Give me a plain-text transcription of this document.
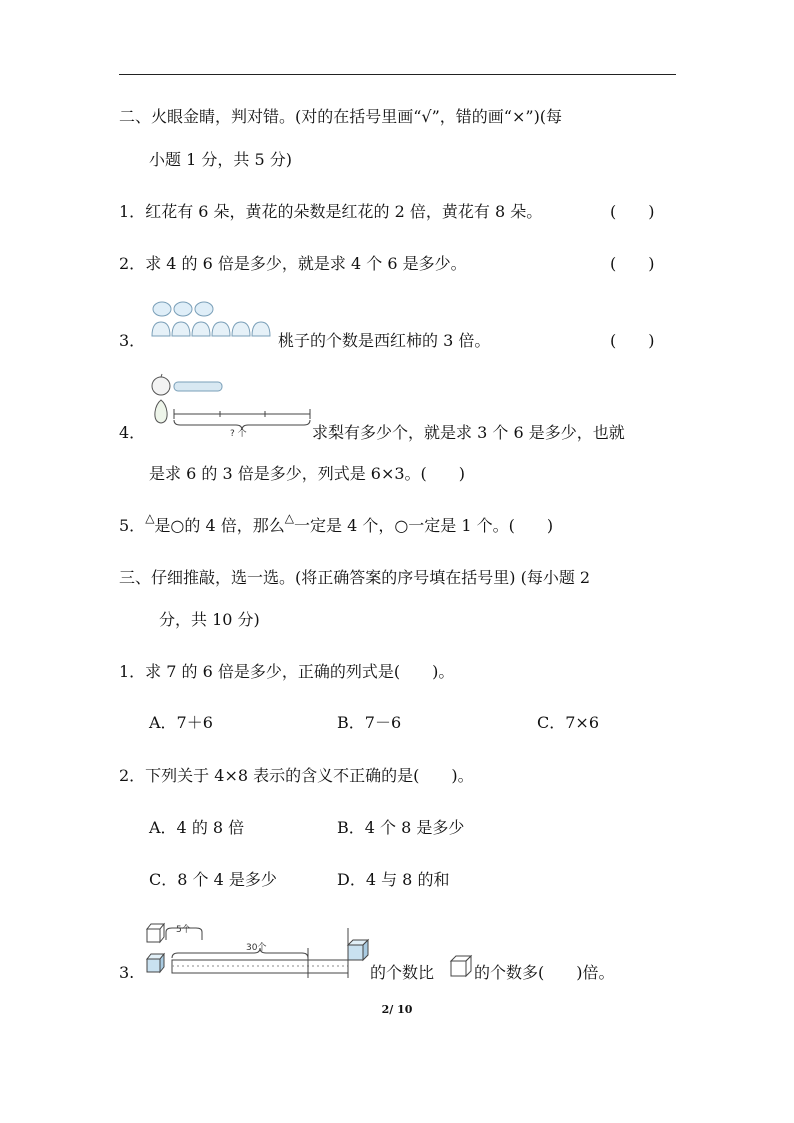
二、火眼金睛，判对错。(对的在括号里画“√”，错的画“×”)(每
小题 1 分，共 5 分)
1．红花有 6 朵，黄花的朵数是红花的 2 倍，黄花有 8 朵。	(　　)
2．求 4 的 6 倍是多少，就是求 4 个 6 是多少。	(　　)
3．	桃子的个数是西红柿的 3 倍。	(　　)
? 个
4．	求梨有多少个，就是求 3 个 6 是多少，也就
是求 6 的 3 倍是多少，列式是 6×3。(　　)
5．△是○的 4 倍，那么△一定是 4 个，○一定是 1 个。(　　)
三、仔细推敲，选一选。(将正确答案的序号填在括号里) (每小题 2
分，共 10 分)
1．求 7 的 6 倍是多少，正确的列式是(　　)。
A．7＋6	B．7－6	C．7×6
2．下列关于 4×8 表示的含义不正确的是(　　)。
A．4 的 8 倍	B．4 个 8 是多少
C．8 个 4 是多少	D．4 与 8 的和
5个
30个
3.	的个数比 的个数多(　　)倍。
2/ 10
